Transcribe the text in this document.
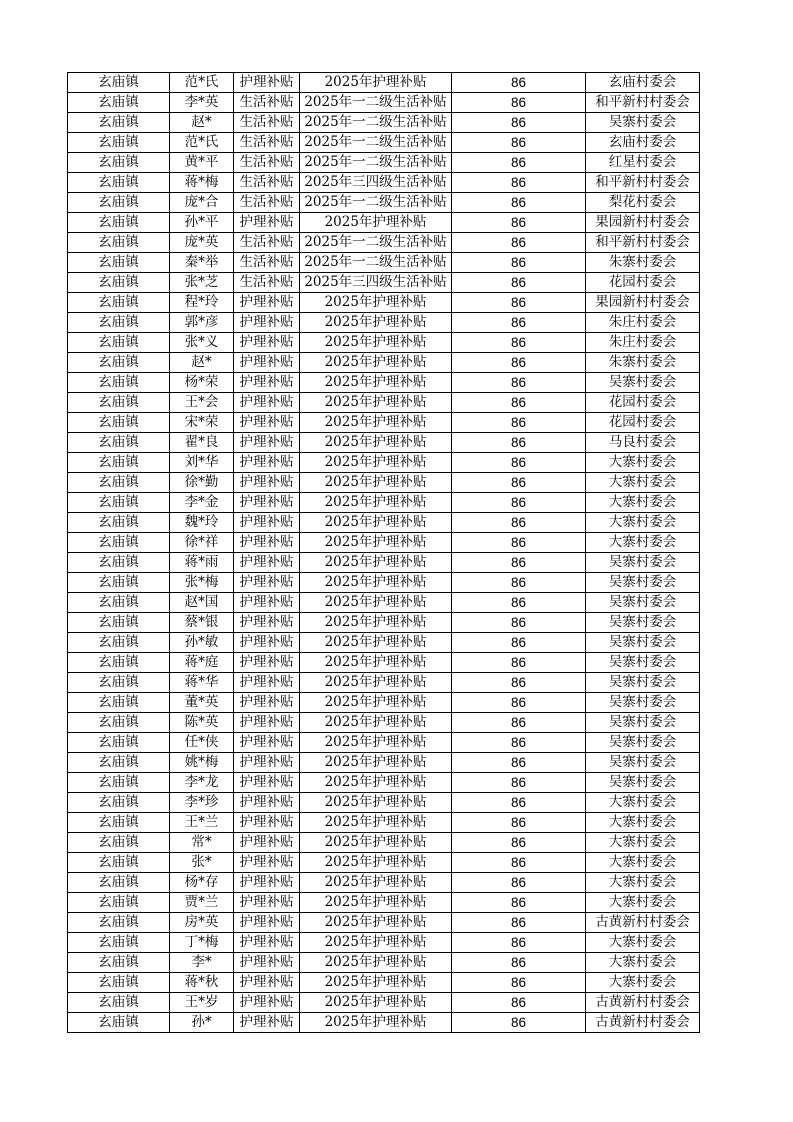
玄庙镇	范*氏	护理补贴	2025年护理补贴	86	玄庙村委会
玄庙镇	李*英	生活补贴	2025年一二级生活补贴	86	和平新村村委会
玄庙镇	赵*	生活补贴	2025年一二级生活补贴	86	吴寨村委会
玄庙镇	范*氏	生活补贴	2025年一二级生活补贴	86	玄庙村委会
玄庙镇	黄*平	生活补贴	2025年一二级生活补贴	86	红星村委会
玄庙镇	蒋*梅	生活补贴	2025年三四级生活补贴	86	和平新村村委会
玄庙镇	庞*合	生活补贴	2025年一二级生活补贴	86	梨花村委会
玄庙镇	孙*平	护理补贴	2025年护理补贴	86	果园新村村委会
玄庙镇	庞*英	生活补贴	2025年一二级生活补贴	86	和平新村村委会
玄庙镇	秦*举	生活补贴	2025年一二级生活补贴	86	朱寨村委会
玄庙镇	张*芝	生活补贴	2025年三四级生活补贴	86	花园村委会
玄庙镇	程*玲	护理补贴	2025年护理补贴	86	果园新村村委会
玄庙镇	郭*彦	护理补贴	2025年护理补贴	86	朱庄村委会
玄庙镇	张*义	护理补贴	2025年护理补贴	86	朱庄村委会
玄庙镇	赵*	护理补贴	2025年护理补贴	86	朱寨村委会
玄庙镇	杨*荣	护理补贴	2025年护理补贴	86	吴寨村委会
玄庙镇	王*会	护理补贴	2025年护理补贴	86	花园村委会
玄庙镇	宋*荣	护理补贴	2025年护理补贴	86	花园村委会
玄庙镇	翟*良	护理补贴	2025年护理补贴	86	马良村委会
玄庙镇	刘*华	护理补贴	2025年护理补贴	86	大寨村委会
玄庙镇	徐*勤	护理补贴	2025年护理补贴	86	大寨村委会
玄庙镇	李*金	护理补贴	2025年护理补贴	86	大寨村委会
玄庙镇	魏*玲	护理补贴	2025年护理补贴	86	大寨村委会
玄庙镇	徐*祥	护理补贴	2025年护理补贴	86	大寨村委会
玄庙镇	蒋*雨	护理补贴	2025年护理补贴	86	吴寨村委会
玄庙镇	张*梅	护理补贴	2025年护理补贴	86	吴寨村委会
玄庙镇	赵*国	护理补贴	2025年护理补贴	86	吴寨村委会
玄庙镇	蔡*银	护理补贴	2025年护理补贴	86	吴寨村委会
玄庙镇	孙*敏	护理补贴	2025年护理补贴	86	吴寨村委会
玄庙镇	蒋*庭	护理补贴	2025年护理补贴	86	吴寨村委会
玄庙镇	蒋*华	护理补贴	2025年护理补贴	86	吴寨村委会
玄庙镇	董*英	护理补贴	2025年护理补贴	86	吴寨村委会
玄庙镇	陈*英	护理补贴	2025年护理补贴	86	吴寨村委会
玄庙镇	任*侠	护理补贴	2025年护理补贴	86	吴寨村委会
玄庙镇	姚*梅	护理补贴	2025年护理补贴	86	吴寨村委会
玄庙镇	李*龙	护理补贴	2025年护理补贴	86	吴寨村委会
玄庙镇	李*珍	护理补贴	2025年护理补贴	86	大寨村委会
玄庙镇	王*兰	护理补贴	2025年护理补贴	86	大寨村委会
玄庙镇	常*	护理补贴	2025年护理补贴	86	大寨村委会
玄庙镇	张*	护理补贴	2025年护理补贴	86	大寨村委会
玄庙镇	杨*存	护理补贴	2025年护理补贴	86	大寨村委会
玄庙镇	贾*兰	护理补贴	2025年护理补贴	86	大寨村委会
玄庙镇	房*英	护理补贴	2025年护理补贴	86	古黄新村村委会
玄庙镇	丁*梅	护理补贴	2025年护理补贴	86	大寨村委会
玄庙镇	李*	护理补贴	2025年护理补贴	86	大寨村委会
玄庙镇	蒋*秋	护理补贴	2025年护理补贴	86	大寨村委会
玄庙镇	王*岁	护理补贴	2025年护理补贴	86	古黄新村村委会
玄庙镇	孙*	护理补贴	2025年护理补贴	86	古黄新村村委会
